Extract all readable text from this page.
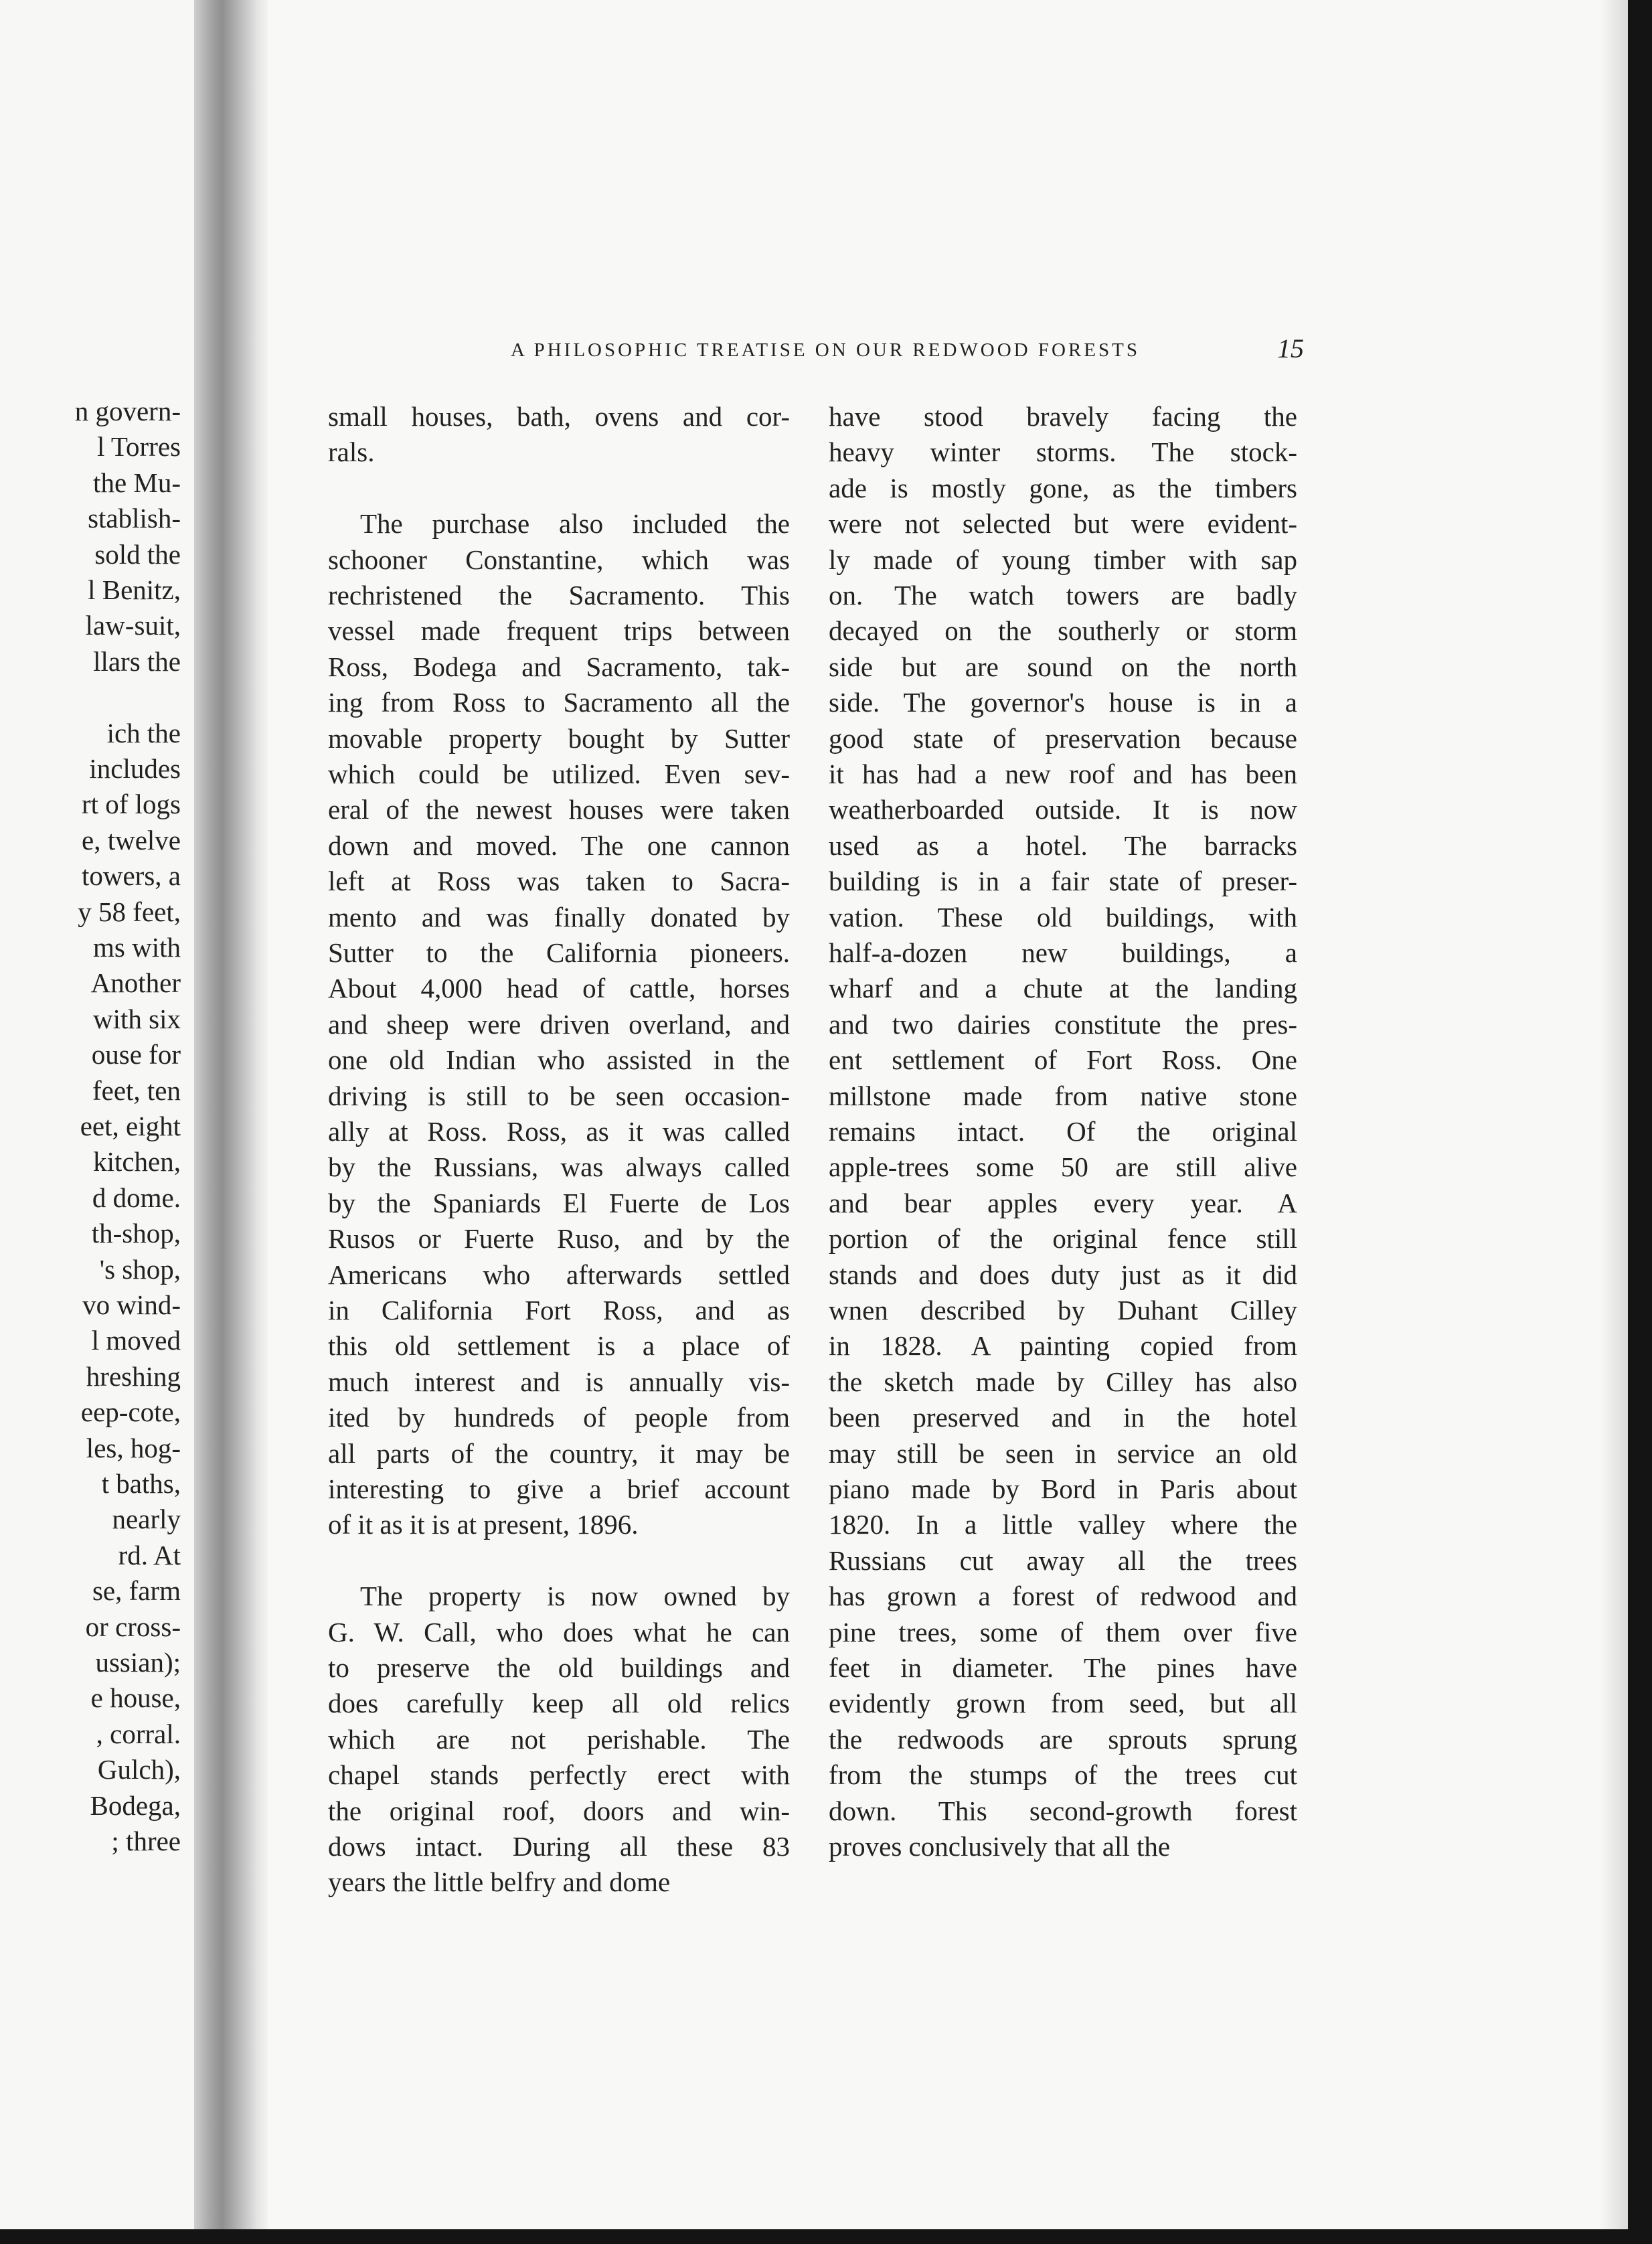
n govern-
l Torres
the Mu-
stablish-
sold the
l Benitz,
law-suit,
llars the
ich the
includes
rt of logs
e, twelve
towers, a
y 58 feet,
ms with
Another
with six
ouse for
feet, ten
eet, eight
kitchen,
d dome.
th-shop,
's shop,
vo wind-
l moved
hreshing
eep-cote,
les, hog-
t baths,
nearly
rd. At
se, farm
or cross-
ussian);
e house,
, corral.
Gulch),
Bodega,
; three
A PHILOSOPHIC TREATISE ON OUR REDWOOD FORESTS	15
small houses, bath, ovens and cor-
rals.
The purchase also included the
schooner Constantine, which was
rechristened the Sacramento. This
vessel made frequent trips between
Ross, Bodega and Sacramento, tak-
ing from Ross to Sacramento all the
movable property bought by Sutter
which could be utilized. Even sev-
eral of the newest houses were taken
down and moved. The one cannon
left at Ross was taken to Sacra-
mento and was finally donated by
Sutter to the California pioneers.
About 4,000 head of cattle, horses
and sheep were driven overland, and
one old Indian who assisted in the
driving is still to be seen occasion-
ally at Ross. Ross, as it was called
by the Russians, was always called
by the Spaniards El Fuerte de Los
Rusos or Fuerte Ruso, and by the
Americans who afterwards settled
in California Fort Ross, and as
this old settlement is a place of
much interest and is annually vis-
ited by hundreds of people from
all parts of the country, it may be
interesting to give a brief account
of it as it is at present, 1896.
The property is now owned by
G. W. Call, who does what he can
to preserve the old buildings and
does carefully keep all old relics
which are not perishable. The
chapel stands perfectly erect with
the original roof, doors and win-
dows intact. During all these 83
years the little belfry and dome
have stood bravely facing the
heavy winter storms. The stock-
ade is mostly gone, as the timbers
were not selected but were evident-
ly made of young timber with sap
on. The watch towers are badly
decayed on the southerly or storm
side but are sound on the north
side. The governor's house is in a
good state of preservation because
it has had a new roof and has been
weatherboarded outside. It is now
used as a hotel. The barracks
building is in a fair state of preser-
vation. These old buildings, with
half-a-dozen new buildings, a
wharf and a chute at the landing
and two dairies constitute the pres-
ent settlement of Fort Ross. One
millstone made from native stone
remains intact. Of the original
apple-trees some 50 are still alive
and bear apples every year. A
portion of the original fence still
stands and does duty just as it did
wnen described by Duhant Cilley
in 1828. A painting copied from
the sketch made by Cilley has also
been preserved and in the hotel
may still be seen in service an old
piano made by Bord in Paris about
1820. In a little valley where the
Russians cut away all the trees
has grown a forest of redwood and
pine trees, some of them over five
feet in diameter. The pines have
evidently grown from seed, but all
the redwoods are sprouts sprung
from the stumps of the trees cut
down. This second-growth forest
proves conclusively that all the
